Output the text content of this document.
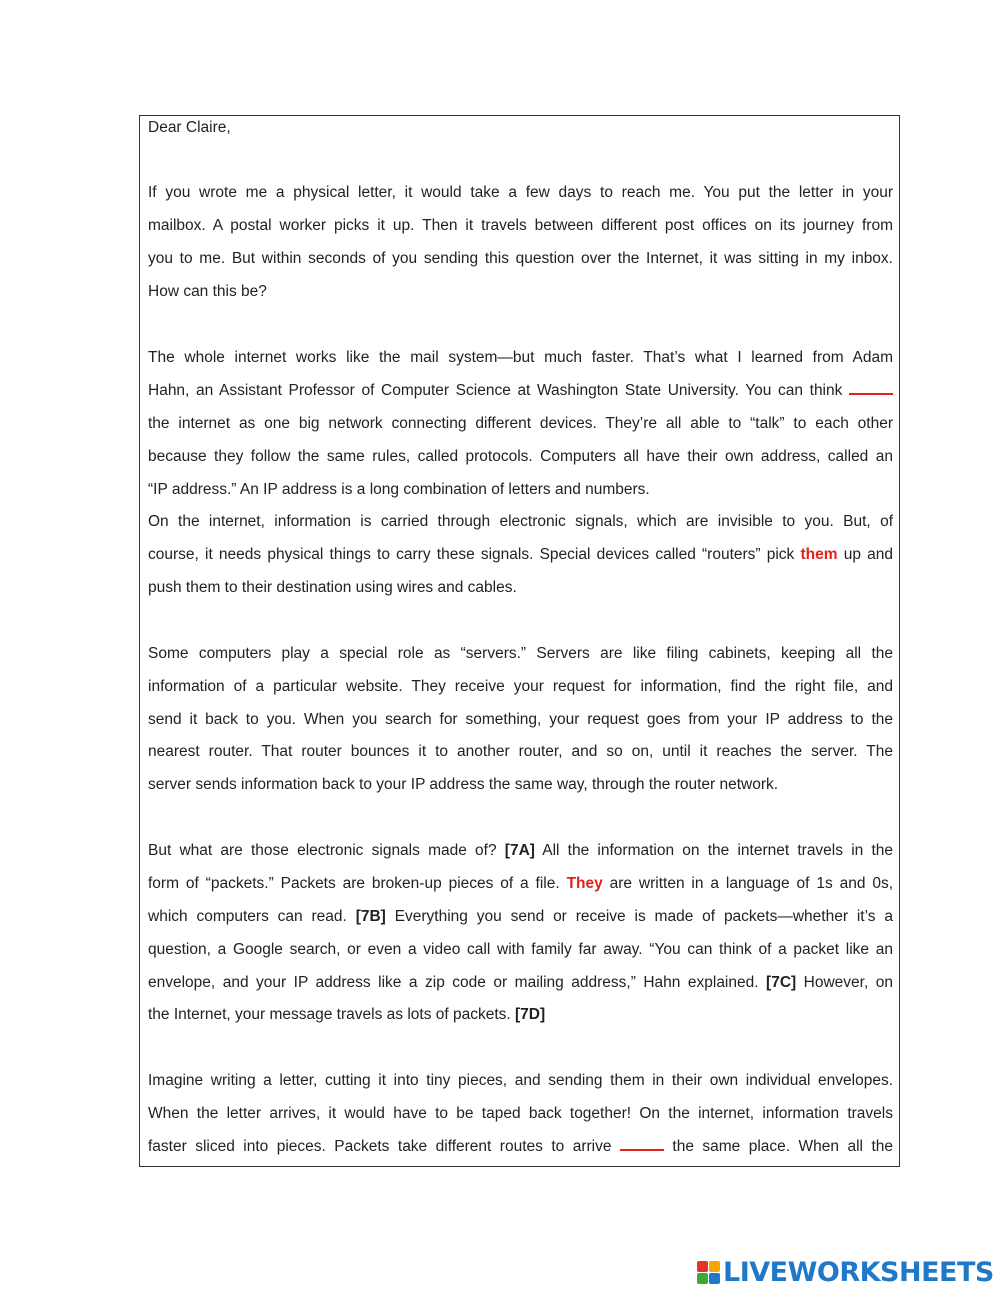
Dear Claire,
If you wrote me a physical letter, it would take a few days to reach me. You put the letter in your
mailbox. A postal worker picks it up. Then it travels between different post offices on its journey from
you to me. But within seconds of you sending this question over the Internet, it was sitting in my inbox.
How can this be?
The whole internet works like the mail system—but much faster. That’s what I learned from Adam
Hahn, an Assistant Professor of Computer Science at Washington State University. You can think
the internet as one big network connecting different devices. They’re all able to “talk” to each other
because they follow the same rules, called protocols. Computers all have their own address, called an
“IP address.” An IP address is a long combination of letters and numbers.
On the internet, information is carried through electronic signals, which are invisible to you. But, of
course, it needs physical things to carry these signals. Special devices called “routers” pick them up and
push them to their destination using wires and cables.
Some computers play a special role as “servers.” Servers are like filing cabinets, keeping all the
information of a particular website. They receive your request for information, find the right file, and
send it back to you. When you search for something, your request goes from your IP address to the
nearest router. That router bounces it to another router, and so on, until it reaches the server. The
server sends information back to your IP address the same way, through the router network.
But what are those electronic signals made of? [7A] All the information on the internet travels in the
form of “packets.” Packets are broken-up pieces of a file. They are written in a language of 1s and 0s,
which computers can read. [7B] Everything you send or receive is made of packets—whether it’s a
question, a Google search, or even a video call with family far away. “You can think of a packet like an
envelope, and your IP address like a zip code or mailing address,” Hahn explained. [7C] However, on
the Internet, your message travels as lots of packets. [7D]
Imagine writing a letter, cutting it into tiny pieces, and sending them in their own individual envelopes.
When the letter arrives, it would have to be taped back together! On the internet, information travels
faster sliced into pieces. Packets take different routes to arrive	the same place. When all the
LIVEWORKSHEETS
